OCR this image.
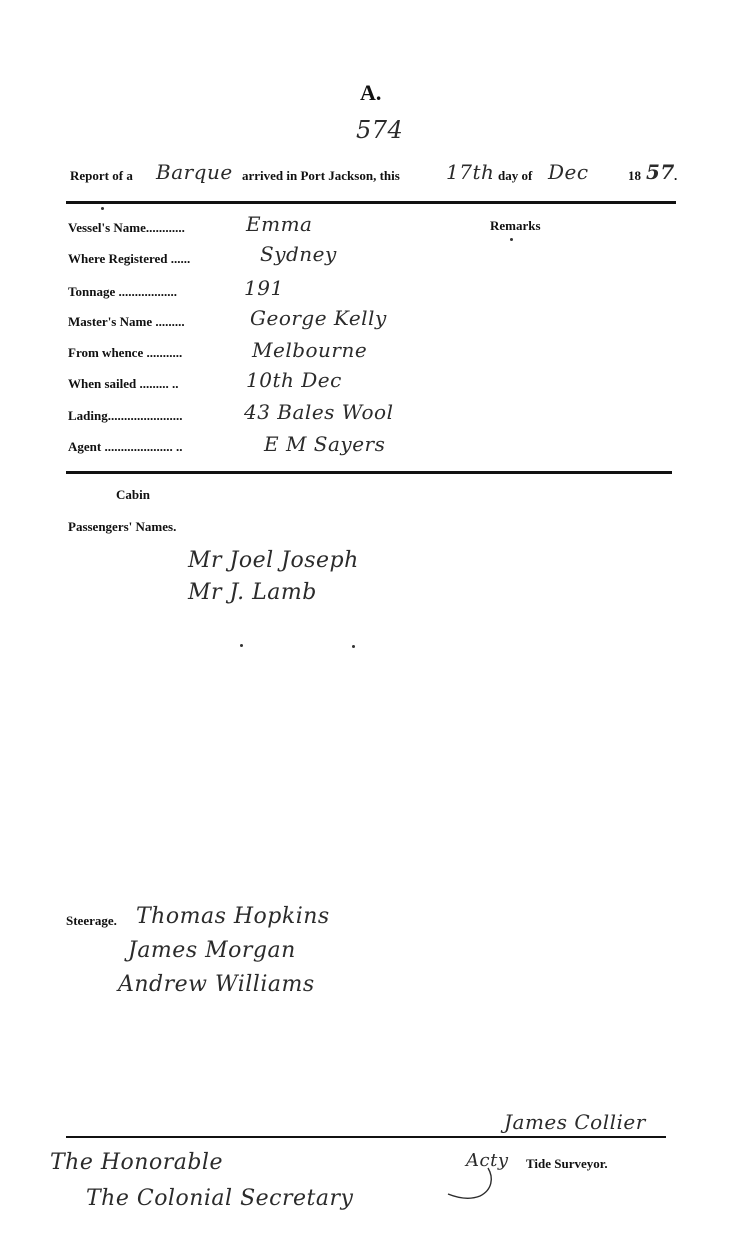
A.
574
Report of a Barque arrived in Port Jackson, this 17th day of Dec	18 57 .
Remarks
Vessel's Name............	Emma
Where Registered ......	Sydney
Tonnage ..................	191
Master's Name .........	George Kelly
From whence ...........	Melbourne
When sailed ......... ..	10th Dec
Lading.......................	43 Bales Wool
Agent ..................... ..	E M Sayers
Cabin
Passengers' Names.
Mr Joel Joseph
Mr J. Lamb
Steerage. Thomas Hopkins
James Morgan
Andrew Williams
James Collier
Acty Tide Surveyor.
The Honorable
The Colonial Secretary
